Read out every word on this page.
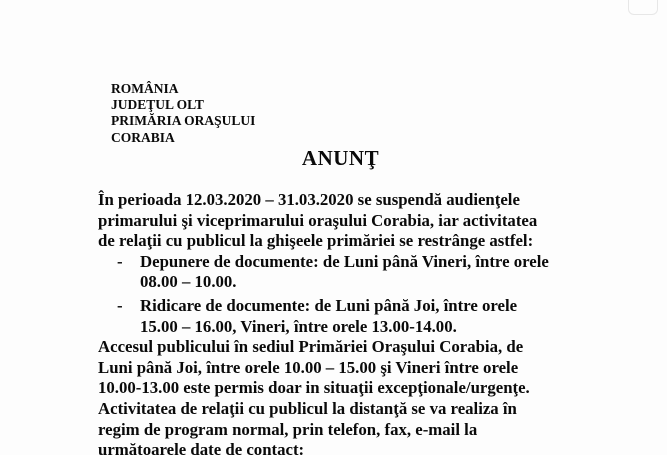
ROMÂNIA
JUDEŢUL OLT
PRIMĂRIA ORAŞULUI
CORABIA
ANUNŢ
În perioada 12.03.2020 – 31.03.2020 se suspendă audienţele
primarului şi viceprimarului oraşului Corabia, iar activitatea
de relaţii cu publicul la ghişeele primăriei se restrânge astfel:
- Depunere de documente: de Luni până Vineri, între orele
08.00 – 10.00.
- Ridicare de documente: de Luni până Joi, între orele
15.00 – 16.00, Vineri, între orele 13.00-14.00.
Accesul publicului în sediul Primăriei Oraşului Corabia, de
Luni până Joi, între orele 10.00 – 15.00 şi Vineri între orele
10.00-13.00 este permis doar in situaţii excepţionale/urgenţe.
Activitatea de relaţii cu publicul la distanţă se va realiza în
regim de program normal, prin telefon, fax, e-mail la
următoarele date de contact:
